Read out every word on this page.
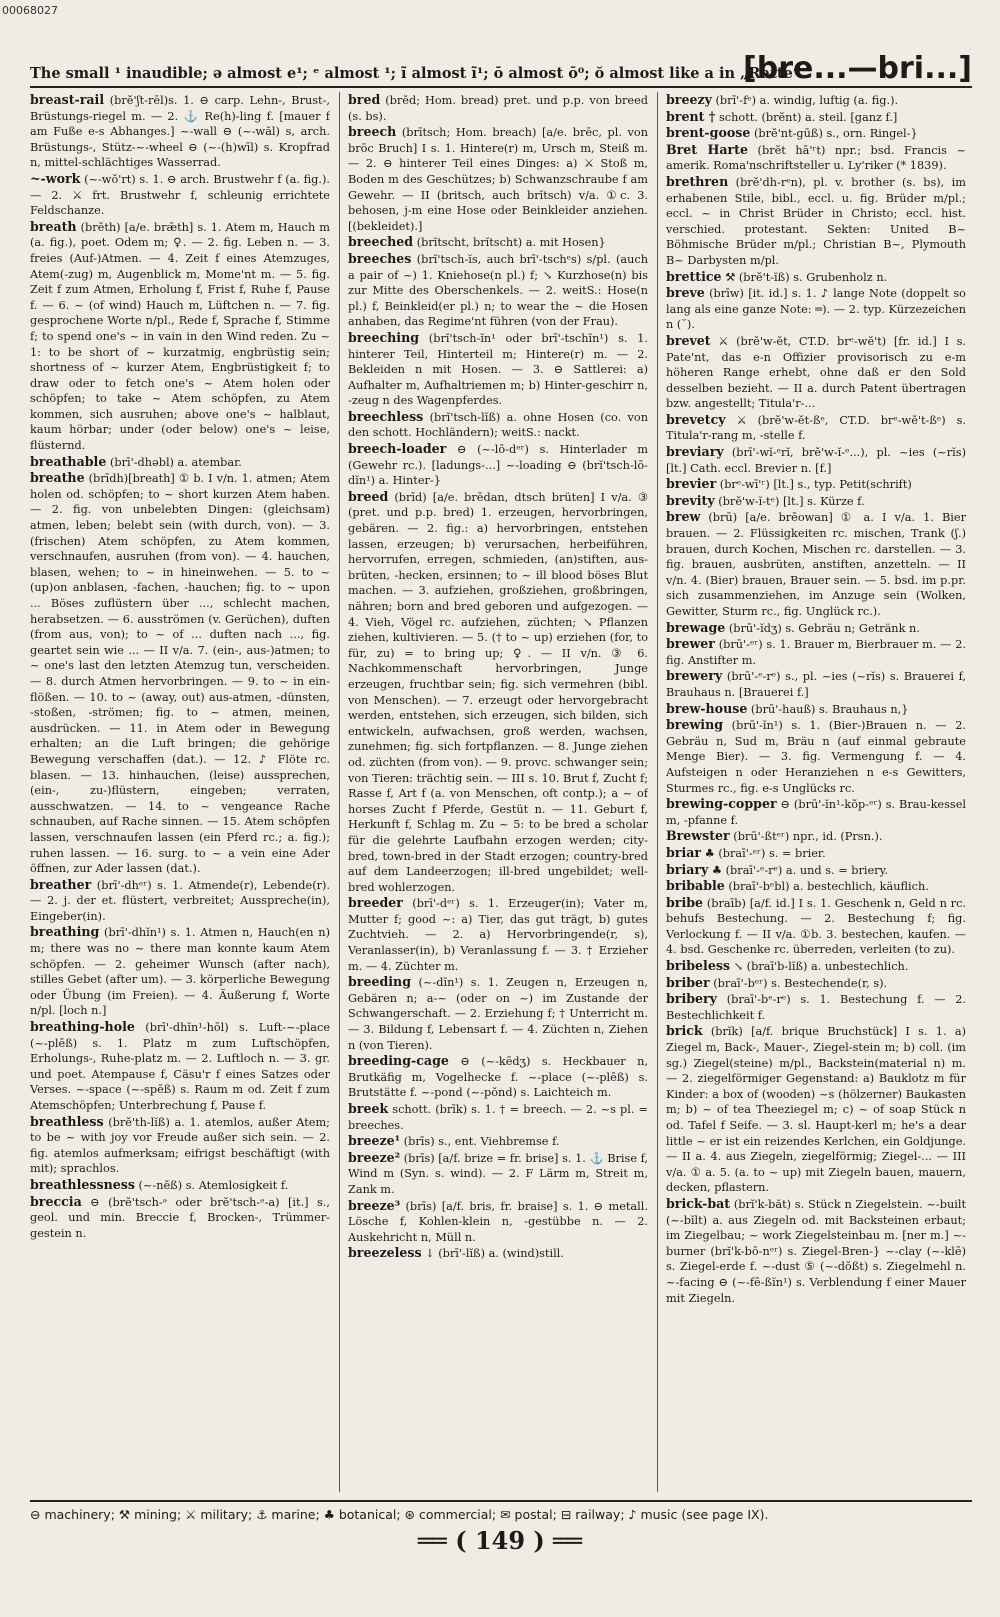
00068027
The small ¹ inaudible; ə almost e¹; ᵉ almost ¹; ĩ almost ĩ¹; ō almost ō⁰; ŏ almost like a in „Ratte“.
[bre...—bri...]

breast-rail (brĕ'ʃt-rēl)s. 1. ⊖ carp. Lehn-, Brust-, Brüstungs-riegel m. — 2. ⚓ Re(h)-ling f. [mauer f am Fuße e-s Abhanges.] ~-wall ⊖ (~-wăl) s, arch. Brüstungs-, Stütz-~-wheel ⊖ (~-(h)wīl) s. Kropfrad n, mittel-schlächtiges Wasserrad.

~-work (~-wŏ'rt) s. 1. ⊖ arch. Brustwehr f (a. fig.). — 2. ⚔ frt. Brustwehr f, schleunig errichtete Feldschanze.

breath (brĕth) [a/e. brǣth] s. 1. Atem m, Hauch m (a. fig.), poet. Odem m; ♀. — 2. fig. Leben n. — 3. freies (Auf-)Atmen. — 4. Zeit f eines Atemzuges, Atem(-zug) m, Augenblick m, Mome'nt m. — 5. fig. Zeit f zum Atmen, Erholung f, Frist f, Ruhe f, Pause f. — 6. ~ (of wind) Hauch m, Lüftchen n. — 7. fig. gesprochene Worte n/pl., Rede f, Sprache f, Stimme f; to spend one's ~ in vain in den Wind reden. Zu ~ 1: to be short of ~ kurzatmig, engbrüstig sein; shortness of ~ kurzer Atem, Engbrüstigkeit f; to draw oder to fetch one's ~ Atem holen oder schöpfen; to take ~ Atem schöpfen, zu Atem kommen, sich ausruhen; above one's ~ halblaut, kaum hörbar; under (oder below) one's ~ leise, flüsternd.

breathable (brī'-dhəbl) a. atembar.

breathe (brīdh)[breath] ① b. I v/n. 1. atmen; Atem holen od. schöpfen; to ~ short kurzen Atem haben. — 2. fig. von unbelebten Dingen: (gleichsam) atmen, leben; belebt sein (with durch, von). — 3. (frischen) Atem schöpfen, zu Atem kommen, verschnaufen, ausruhen (from von). — 4. hauchen, blasen, wehen; to ~ in hineinwehen. — 5. to ~ (up)on anblasen, -fachen, -hauchen; fig. to ~ upon ... Böses zuflüstern über ..., schlecht machen, herabsetzen. — 6. ausströmen (v. Gerüchen), duften (from aus, von); to ~ of ... duften nach ..., fig. geartet sein wie ... — II v/a. 7. (ein-, aus-)atmen; to ~ one's last den letzten Atemzug tun, verscheiden. — 8. durch Atmen hervorbringen. — 9. to ~ in ein-flößen. — 10. to ~ (away, out) aus-atmen, -dünsten, -stoßen, -strömen; fig. to ~ atmen, meinen, ausdrücken. — 11. in Atem oder in Bewegung erhalten; an die Luft bringen; die gehörige Bewegung verschaffen (dat.). — 12. ♪ Flöte rc. blasen. — 13. hinhauchen, (leise) aussprechen, (ein-, zu-)flüstern, eingeben; verraten, ausschwatzen. — 14. to ~ vengeance Rache schnauben, auf Rache sinnen. — 15. Atem schöpfen lassen, verschnaufen lassen (ein Pferd rc.; a. fig.); ruhen lassen. — 16. surg. to ~ a vein eine Ader öffnen, zur Ader lassen (dat.).

breather (brī'-dhᵉʳ) s. 1. Atmende(r), Lebende(r). — 2. j. der et. flüstert, verbreitet; Ausspreche(in), Eingeber(in).

breathing (brī'-dhĭn¹) s. 1. Atmen n, Hauch(en n) m; there was no ~ there man konnte kaum Atem schöpfen. — 2. geheimer Wunsch (after nach), stilles Gebet (after um). — 3. körperliche Bewegung oder Übung (im Freien). — 4. Äußerung f, Worte n/pl. [loch n.]

breathing-hole (brī'-dhĭn¹-hōl) s. Luft-~-place (~-plēß) s. 1. Platz m zum Luftschöpfen, Erholungs-, Ruhe-platz m. — 2. Luftloch n. — 3. gr. und poet. Atempause f, Cäsu'r f eines Satzes oder Verses. ~-space (~-spēß) s. Raum m od. Zeit f zum Atemschöpfen; Unterbrechung f, Pause f.

breathless (brĕ'th-lĭß) a. 1. atemlos, außer Atem; to be ~ with joy vor Freude außer sich sein. — 2. fig. atemlos aufmerksam; eifrigst beschäftigt (with mit); sprachlos.

breathlessness (~-nĕß) s. Atemlosigkeit f.

breccia ⊖ (brĕ'tsch-ᵊ oder brĕ'tsch-ᵉ-a) [it.] s., geol. und min. Breccie f, Brocken-, Trümmer-gestein n.

bred (brĕd; Hom. bread) pret. und p.p. von breed (s. bs).

breech (brītsch; Hom. breach) [a/e. brēc, pl. von brōc Bruch] I s. 1. Hintere(r) m, Ursch m, Steiß m. — 2. ⊖ hinterer Teil eines Dinges: a) ⚔ Stoß m, Boden m des Geschützes; b) Schwanzschraube f am Gewehr. — II (britsch, auch brĭtsch) v/a. ①c. 3. behosen, j-m eine Hose oder Beinkleider anziehen. [(bekleidet).]

breeched (brĭtscht, brĭtscht) a. mit Hosen}

breeches (brĭ'tsch-ĭs, auch brī'-tschᵉs) s/pl. (auch a pair of ~) 1. Kniehose(n pl.) f; ↘ Kurzhose(n) bis zur Mitte des Oberschenkels. — 2. weitS.: Hose(n pl.) f, Beinkleid(er pl.) n; to wear the ~ die Hosen anhaben, das Regime'nt führen (von der Frau).

breeching (brĭ'tsch-ĭn¹ oder brī'-tschĭn¹) s. 1. hinterer Teil, Hinterteil m; Hintere(r) m. — 2. Bekleiden n mit Hosen. — 3. ⊖ Sattlerei: a) Aufhalter m, Aufhaltriemen m; b) Hinter-geschirr n, -zeug n des Wagenpferdes.

breechless (brĭ'tsch-lĭß) a. ohne Hosen (co. von den schott. Hochländern); weitS.: nackt.

breech-loader ⊖ (~-lō-dᵉʳ) s. Hinterlader m (Gewehr rc.). [ladungs-...] ~-loading ⊖ (brĭ'tsch-lō-dĭn¹) a. Hinter-}

breed (brīd) [a/e. brēdan, dtsch brüten] I v/a. ③ (pret. und p.p. bred) 1. erzeugen, hervorbringen, gebären. — 2. fig.: a) hervorbringen, entstehen lassen, erzeugen; b) verursachen, herbeiführen, hervorrufen, erregen, schmieden, (an)stiften, aus-brüten, -hecken, ersinnen; to ~ ill blood böses Blut machen. — 3. aufziehen, großziehen, großbringen, nähren; born and bred geboren und aufgezogen. — 4. Vieh, Vögel rc. aufziehen, züchten; ↘ Pflanzen ziehen, kultivieren. — 5. († to ~ up) erziehen (for, to für, zu) = to bring up; ♀. — II v/n. ③ 6. Nachkommenschaft hervorbringen, Junge erzeugen, fruchtbar sein; fig. sich vermehren (bibl. von Menschen). — 7. erzeugt oder hervorgebracht werden, entstehen, sich erzeugen, sich bilden, sich entwickeln, aufwachsen, groß werden, wachsen, zunehmen; fig. sich fortpflanzen. — 8. Junge ziehen od. züchten (from von). — 9. provc. schwanger sein; von Tieren: trächtig sein. — III s. 10. Brut f, Zucht f; Rasse f, Art f (a. von Menschen, oft contp.); a ~ of horses Zucht f Pferde, Gestüt n. — 11. Geburt f, Herkunft f, Schlag m. Zu ~ 5: to be bred a scholar für die gelehrte Laufbahn erzogen werden; city-bred, town-bred in der Stadt erzogen; country-bred auf dem Landeerzogen; ill-bred ungebildet; well-bred wohlerzogen.

breeder (brī'-dᵉʳ) s. 1. Erzeuger(in); Vater m, Mutter f; good ~: a) Tier, das gut trägt, b) gutes Zuchtvieh. — 2. a) Hervorbringende(r, s), Veranlasser(in), b) Veranlassung f. — 3. † Erzieher m. — 4. Züchter m.

breeding (~-dĭn¹) s. 1. Zeugen n, Erzeugen n, Gebären n; a-~ (oder on ~) im Zustande der Schwangerschaft. — 2. Erziehung f; † Unterricht m. — 3. Bildung f, Lebensart f. — 4. Züchten n, Ziehen n (von Tieren).

breeding-cage ⊖ (~-kēdʒ) s. Heckbauer n, Brutkäfig m, Vogelhecke f. ~-place (~-plēß) s. Brutstätte f. ~-pond (~-pŏnd) s. Laichteich m.

breek schott. (brīk) s. 1. † = breech. — 2. ~s pl. = breeches.

breeze¹ (brīs) s., ent. Viehbremse f.

breeze² (brīs) [a/f. brize = fr. brise] s. 1. ⚓ Brise f, Wind m (Syn. s. wind). — 2. F Lärm m, Streit m, Zank m.

breeze³ (brīs) [a/f. bris, fr. braise] s. 1. ⊖ metall. Lösche f, Kohlen-klein n, -gestübbe n. — 2. Auskehricht n, Müll n.

breezeless ↓ (brī'-lĭß) a. (wind)still.

breezy (brī'-fᵉ) a. windig, luftig (a. fig.).

brent † schott. (brĕnt) a. steil. [ganz f.]

brent-goose (brĕ'nt-gūß) s., orn. Ringel-}

Bret Harte (brĕt hā'ʳt) npr.; bsd. Francis ~ amerik. Roma'nschriftsteller u. Ly'riker (* 1839).

brethren (brĕ'dh-rᵉn), pl. v. brother (s. bs), im erhabenen Stile, bibl., eccl. u. fig. Brüder m/pl.; eccl. ~ in Christ Brüder in Christo; eccl. hist. verschied. protestant. Sekten: United B~ Böhmische Brüder m/pl.; Christian B~, Plymouth B~ Darbysten m/pl.

brettice ⚒ (brĕ't-ĭß) s. Grubenholz n.

breve (brīw) [it. id.] s. 1. ♪ lange Note (doppelt so lang als eine ganze Note: ═). — 2. typ. Kürzezeichen n (˘).

brevet ⚔ (brĕ'w-ĕt, CT.D. brᵉ-wĕ't) [fr. id.] I s. Pate'nt, das e-n Offizier provisorisch zu e-m höheren Range erhebt, ohne daß er den Sold desselben bezieht. — II a. durch Patent übertragen bzw. angestellt; Titula'r-...

brevetcy ⚔ (brĕ'w-ĕt-ßᵉ, CT.D. brᵉ-wĕ't-ßᵉ) s. Titula'r-rang m, -stelle f.

breviary (brī'-wĭ-ᵉrĭ, brĕ'w-ĭ-ᵉ...), pl. ~ies (~rĭs) [lt.] Cath. eccl. Brevier n. [f.]

brevier (brᵉ-wī'ʳ) [lt.] s., typ. Petit(schrift)

brevity (brĕ'w-ĭ-tᵉ) [lt.] s. Kürze f.

brew (brū) [a/e. brēowan] ① a. I v/a. 1. Bier brauen. — 2. Flüssigkeiten rc. mischen, Trank (ʃ.) brauen, durch Kochen, Mischen rc. darstellen. — 3. fig. brauen, ausbrüten, anstiften, anzetteln. — II v/n. 4. (Bier) brauen, Brauer sein. — 5. bsd. im p.pr. sich zusammenziehen, im Anzuge sein (Wolken, Gewitter, Sturm rc., fig. Unglück rc.).

brewage (brū'-ĭdʒ) s. Gebräu n; Getränk n.

brewer (brū'-ᵉʳ) s. 1. Brauer m, Bierbrauer m. — 2. fig. Anstifter m.

brewery (brū'-ᵉ-rᵉ) s., pl. ~ies (~rĭs) s. Brauerei f, Brauhaus n. [Brauerei f.]

brew-house (brū'-hauß) s. Brauhaus n,}

brewing (brū'-ĭn¹) s. 1. (Bier-)Brauen n. — 2. Gebräu n, Sud m, Bräu n (auf einmal gebraute Menge Bier). — 3. fig. Vermengung f. — 4. Aufsteigen n oder Heranziehen n e-s Gewitters, Sturmes rc., fig. e-s Unglücks rc.

brewing-copper ⊖ (brū'-ĭn¹-kŏp-ᵉʳ) s. Brau-kessel m, -pfanne f.

Brewster (brū'-ßtᵉʳ) npr., id. (Prsn.).

briar ♣ (braī'-ᵉʳ) s. = brier.

briary ♣ (braī'-ᵉ-rᵉ) a. und s. = briery.

bribable (braī'-bᵉbl) a. bestechlich, käuflich.

bribe (braīb) [a/f. id.] I s. 1. Geschenk n, Geld n rc. behufs Bestechung. — 2. Bestechung f; fig. Verlockung f. — II v/a. ①b. 3. bestechen, kaufen. — 4. bsd. Geschenke rc. überreden, verleiten (to zu).

bribeless ↘ (braī'b-lĭß) a. unbestechlich.

briber (braī'-bᵉʳ) s. Bestechende(r, s).

bribery (braī'-bᵉ-rᵉ) s. 1. Bestechung f. — 2. Bestechlichkeit f.

brick (brĭk) [a/f. brique Bruchstück] I s. 1. a) Ziegel m, Back-, Mauer-, Ziegel-stein m; b) coll. (im sg.) Ziegel(steine) m/pl., Backstein(material n) m. — 2. ziegelförmiger Gegenstand: a) Bauklotz m für Kinder: a box of (wooden) ~s (hölzerner) Baukasten m; b) ~ of tea Theeziegel m; c) ~ of soap Stück n od. Tafel f Seife. — 3. sl. Haupt-kerl m; he's a dear little ~ er ist ein reizendes Kerlchen, ein Goldjunge. — II a. 4. aus Ziegeln, ziegelförmig; Ziegel-... — III v/a. ① a. 5. (a. to ~ up) mit Ziegeln bauen, mauern, decken, pflastern.

brick-bat (brĭ'k-băt) s. Stück n Ziegelstein. ~-built (~-bĭlt) a. aus Ziegeln od. mit Backsteinen erbaut; im Ziegelbau; ~ work Ziegelsteinbau m. [ner m.] ~-burner (brĭ'k-bō-nᵉʳ) s. Ziegel-Bren-} ~-clay (~-klē) s. Ziegel-erde f. ~-dust ⑤ (~-dŏßt) s. Ziegelmehl n. ~-facing ⊖ (~-fē-ßĭn¹) s. Verblendung f einer Mauer mit Ziegeln.

⊖ machinery; ⚒ mining; ⚔ military; ⚓ marine; ♣ botanical; ⊛ commercial; ✉ postal; ⊟ railway; ♪ music (see page IX).
══ ( 149 ) ══
